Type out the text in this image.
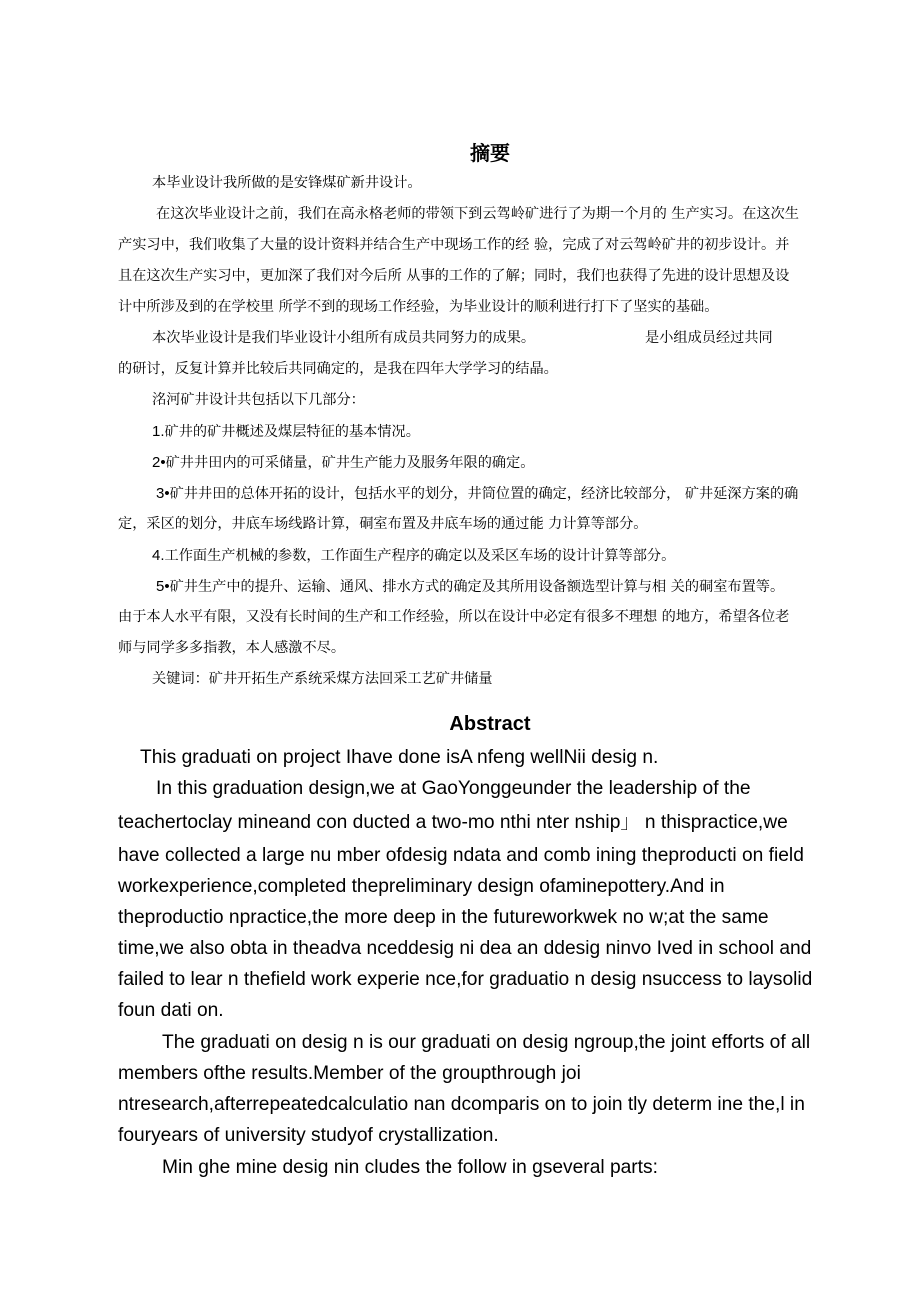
摘要
本毕业设计我所做的是安锋煤矿新井设计。
在这次毕业设计之前，我们在高永格老师的带领下到云驾岭矿进行了为期一个月的 生产实习。在这次生
产实习中，我们收集了大量的设计资料并结合生产中现场工作的经 验，完成了对云驾岭矿井的初步设计。并
且在这次生产实习中，更加深了我们对今后所 从事的工作的了解；同时，我们也获得了先进的设计思想及设
计中所涉及到的在学校里 所学不到的现场工作经验，为毕业设计的顺利进行打下了坚实的基础。
本次毕业设计是我们毕业设计小组所有成员共同努力的成果。	是小组成员经过共同
的研讨，反复计算并比较后共同确定的，是我在四年大学学习的结晶。
洺河矿井设计共包括以下几部分：
1.矿井的矿井概述及煤层特征的基本情况。
2•矿井井田内的可采储量，矿井生产能力及服务年限的确定。
3•矿井井田的总体开拓的设计，包括水平的划分，井筒位置的确定，经济比较部分， 矿井延深方案的确
定，采区的划分，井底车场线路计算，硐室布置及井底车场的通过能 力计算等部分。
4.工作面生产机械的参数，工作面生产程序的确定以及采区车场的设计计算等部分。
5•矿井生产中的提升、运输、通风、排水方式的确定及其所用设备额选型计算与相 关的硐室布置等。
由于本人水平有限，又没有长时间的生产和工作经验，所以在设计中必定有很多不理想 的地方，希望各位老
师与同学多多指教，本人感激不尽。
关键词：矿井开拓生产系统采煤方法回采工艺矿井储量
Abstract
This graduati on project Ihave done isA nfeng wellNii desig n.
In this graduation design,we at GaoYonggeunder the leadership of the
teachertoclay mineand con ducted a two-mo nthi nter nship」 n thispractice,we
have collected a large nu mber ofdesig ndata and comb ining theproducti on field
workexperience,completed thepreliminary design ofaminepottery.And in
theproductio npractice,the more deep in the futureworkwek no w;at the same
time,we also obta in theadva nceddesig ni dea an ddesig ninvo Ived in school and
failed to lear n thefield work experie nce,for graduatio n desig nsuccess to laysolid
foun dati on.
The graduati on desig n is our graduati on desig ngroup,the joint efforts of all
members ofthe results.Member of the groupthrough joi
ntresearch,afterrepeatedcalculatio nan dcomparis on to join tly determ ine the,l in
fouryears of university studyof crystallization.
Min ghe mine desig nin cludes the follow in gseveral parts:
